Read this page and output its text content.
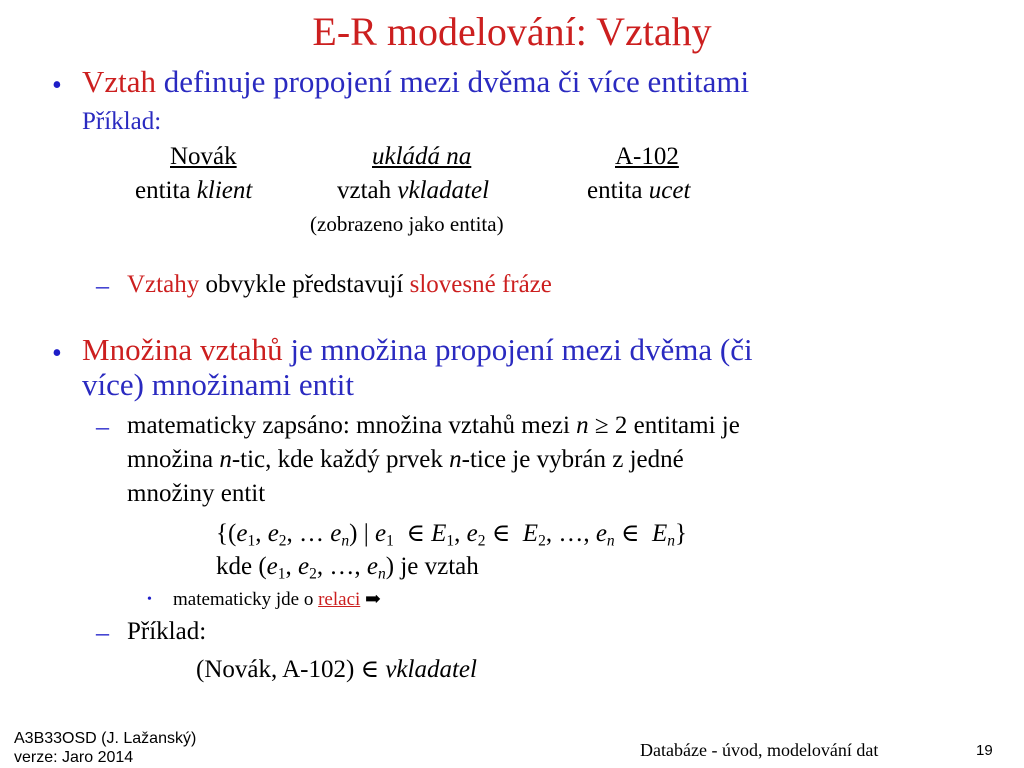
E-R modelování: Vztahy
• Vztah definuje propojení mezi dvěma či více entitami
Příklad:
Novák	ukládá na	A-102
entita klient	vztah vkladatel	entita ucet
(zobrazeno jako entita)
– Vztahy obvykle představují slovesné fráze
• Množina vztahů je množina propojení mezi dvěma (či
více) množinami entit
– matematicky zapsáno: množina vztahů mezi n ≥ 2 entitami je
množina n-tic, kde každý prvek n-tice je vybrán z jedné
množiny entit
{($e_1$, $e_2$, … $e_n$) | $e_1$  ∈ $E_1$, $e_2$ ∈  $E_2$, …, $e_n$ ∈  $E_n$}
kde ($e_1$, $e_2$, …, $e_n$) je vztah
• matematicky jde o relaci ➡
– Příklad:
(Novák, A-102) ∈ vkladatel
A3B33OSD (J. Lažanský)
verze: Jaro 2014	Databáze - úvod, modelování dat	19
